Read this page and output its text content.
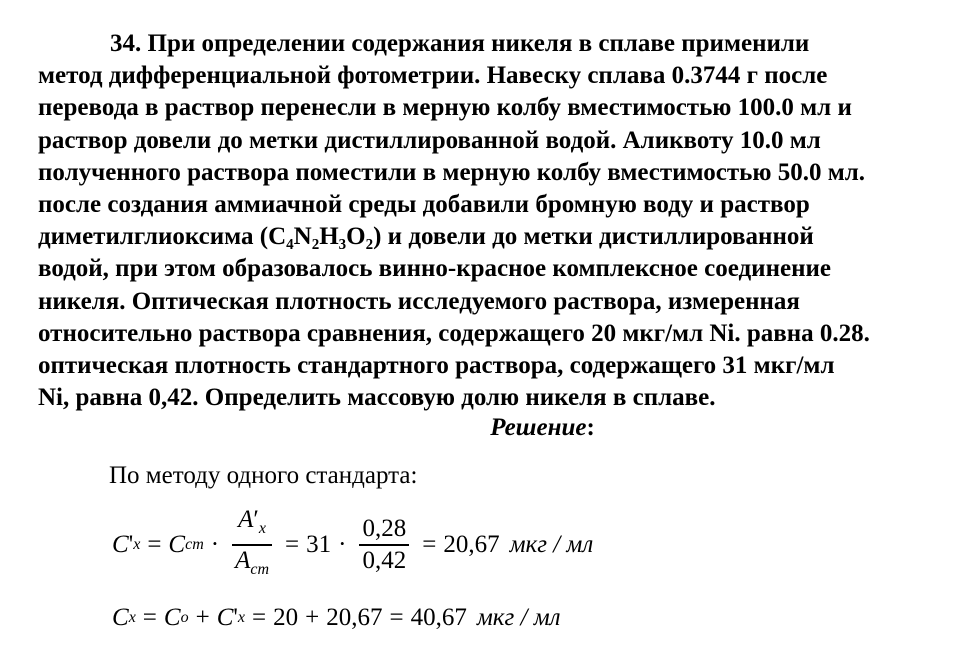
34. При определении содержания никеля в сплаве применили
метод дифференциальной фотометрии. Навеску сплава 0.3744 г после
перевода в раствор перенесли в мерную колбу вместимостью 100.0 мл и
раствор довели до метки дистиллированной водой. Аликвоту 10.0 мл
полученного раствора поместили в мерную колбу вместимостью 50.0 мл.
после создания аммиачной среды добавили бромную воду и раствор
диметилглиоксима (C₄N₂H₃O₂) и довели до метки дистиллированной
водой, при этом образовалось винно-красное комплексное соединение
никеля. Оптическая плотность исследуемого раствора, измеренная
относительно раствора сравнения, содержащего 20 мкг/мл Ni. равна 0.28.
оптическая плотность стандартного раствора, содержащего 31 мкг/мл
Ni, равна 0,42. Определить массовую долю никеля в сплаве.
Решение:
По методу одного стандарта:
C ' x = C ст · $\frac{A'_x}{A_{ст}} = 31 \cdot \frac{0,28}{0,42} = 20,67$ мкг / мл
C x = C о + C ' x = 20 + 20,67 = 40,67 мкг / мл
